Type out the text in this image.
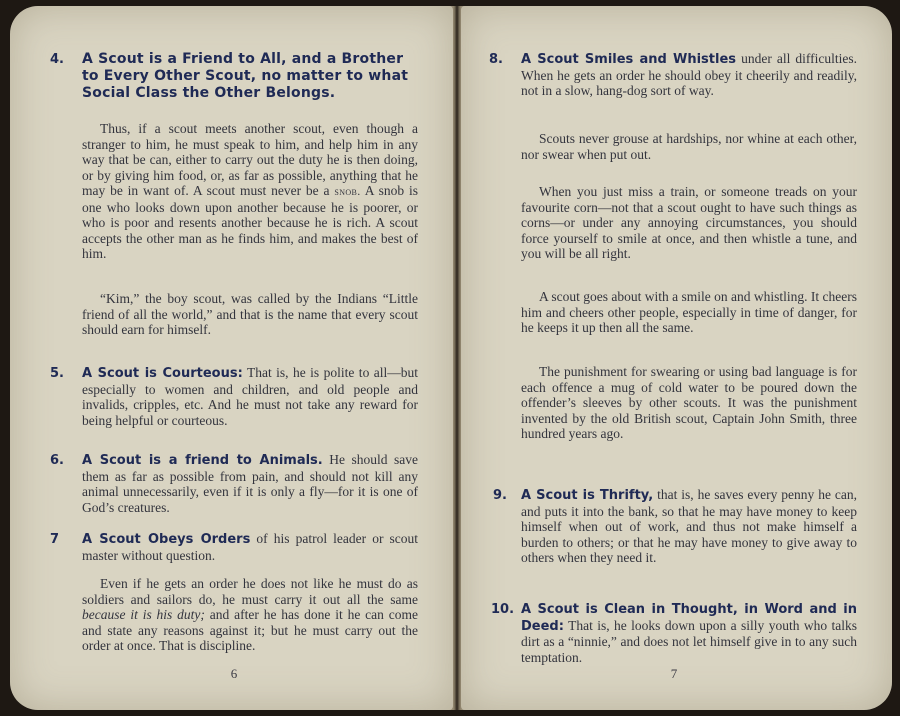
4. A Scout is a Friend to All, and a Brother to Every Other Scout, no matter to what Social Class the Other Belongs.

Thus, if a scout meets another scout, even though a stranger to him, he must speak to him, and help him in any way that be can, either to carry out the duty he is then doing, or by giving him food, or, as far as possible, anything that he may be in want of. A scout must never be a snob. A snob is one who looks down upon another because he is poorer, or who is poor and resents another because he is rich. A scout accepts the other man as he finds him, and makes the best of him.

“Kim,” the boy scout, was called by the Indians “Little friend of all the world,” and that is the name that every scout should earn for himself.

5. A Scout is Courteous: That is, he is polite to all—but especially to women and children, and old people and invalids, cripples, etc. And he must not take any reward for being helpful or courteous.

6. A Scout is a friend to Animals. He should save them as far as possible from pain, and should not kill any animal unnecessarily, even if it is only a fly—for it is one of God’s creatures.

7 A Scout Obeys Orders of his patrol leader or scout master without question.

Even if he gets an order he does not like he must do as soldiers and sailors do, he must carry it out all the same because it is his duty; and after he has done it he can come and state any reasons against it; but he must carry out the order at once. That is discipline.

6
8. A Scout Smiles and Whistles under all difficulties. When he gets an order he should obey it cheerily and readily, not in a slow, hang-dog sort of way.

Scouts never grouse at hardships, nor whine at each other, nor swear when put out.

When you just miss a train, or someone treads on your favourite corn—not that a scout ought to have such things as corns—or under any annoying circumstances, you should force yourself to smile at once, and then whistle a tune, and you will be all right.

A scout goes about with a smile on and whistling. It cheers him and cheers other people, especially in time of danger, for he keeps it up then all the same.

The punishment for swearing or using bad language is for each offence a mug of cold water to be poured down the offender’s sleeves by other scouts. It was the punishment invented by the old British scout, Captain John Smith, three hundred years ago.

9. A Scout is Thrifty, that is, he saves every penny he can, and puts it into the bank, so that he may have money to keep himself when out of work, and thus not make himself a burden to others; or that he may have money to give away to others when they need it.

10. A Scout is Clean in Thought, in Word and in Deed: That is, he looks down upon a silly youth who talks dirt as a “ninnie,” and does not let himself give in to any such temptation.

7
